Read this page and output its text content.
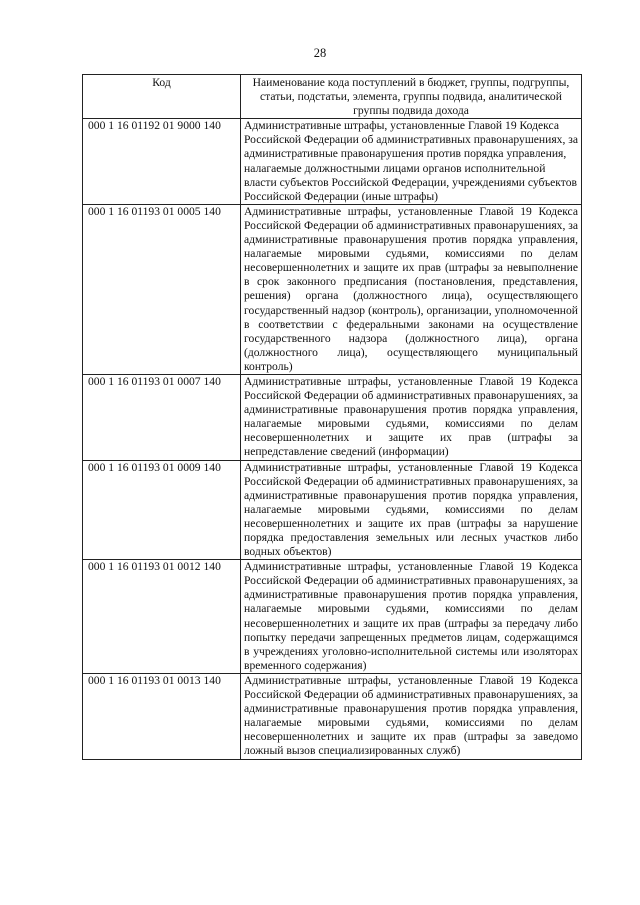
28
Код	Наименование кода поступлений в бюджет, группы, подгруппы, статьи, подстатьи, элемента, группы подвида, аналитической группы подвида дохода
000 1 16 01192 01 9000 140	Административные штрафы, установленные Главой 19 Кодекса Российской Федерации об административных правонарушениях, за административные правонарушения против порядка управления, налагаемые должностными лицами органов исполнительной власти субъектов Российской Федерации, учреждениями субъектов Российской Федерации (иные штрафы)
000 1 16 01193 01 0005 140	Административные штрафы, установленные Главой 19 Кодекса Российской Федерации об административных правонарушениях, за административные правонарушения против порядка управления, налагаемые мировыми судьями, комиссиями по делам несовершеннолетних и защите их прав (штрафы за невыполнение в срок законного предписания (постановления, представления, решения) органа (должностного лица), осуществляющего государственный надзор (контроль), организации, уполномоченной в соответствии с федеральными законами на осуществление государственного надзора (должностного лица), органа (должностного лица), осуществляющего муниципальный контроль)
000 1 16 01193 01 0007 140	Административные штрафы, установленные Главой 19 Кодекса Российской Федерации об административных правонарушениях, за административные правонарушения против порядка управления, налагаемые мировыми судьями, комиссиями по делам несовершеннолетних и защите их прав (штрафы за непредставление сведений (информации)
000 1 16 01193 01 0009 140	Административные штрафы, установленные Главой 19 Кодекса Российской Федерации об административных правонарушениях, за административные правонарушения против порядка управления, налагаемые мировыми судьями, комиссиями по делам несовершеннолетних и защите их прав (штрафы за нарушение порядка предоставления земельных или лесных участков либо водных объектов)
000 1 16 01193 01 0012 140	Административные штрафы, установленные Главой 19 Кодекса Российской Федерации об административных правонарушениях, за административные правонарушения против порядка управления, налагаемые мировыми судьями, комиссиями по делам несовершеннолетних и защите их прав (штрафы за передачу либо попытку передачи запрещенных предметов лицам, содержащимся в учреждениях уголовно-исполнительной системы или изоляторах временного содержания)
000 1 16 01193 01 0013 140	Административные штрафы, установленные Главой 19 Кодекса Российской Федерации об административных правонарушениях, за административные правонарушения против порядка управления, налагаемые мировыми судьями, комиссиями по делам несовершеннолетних и защите их прав (штрафы за заведомо ложный вызов специализированных служб)
